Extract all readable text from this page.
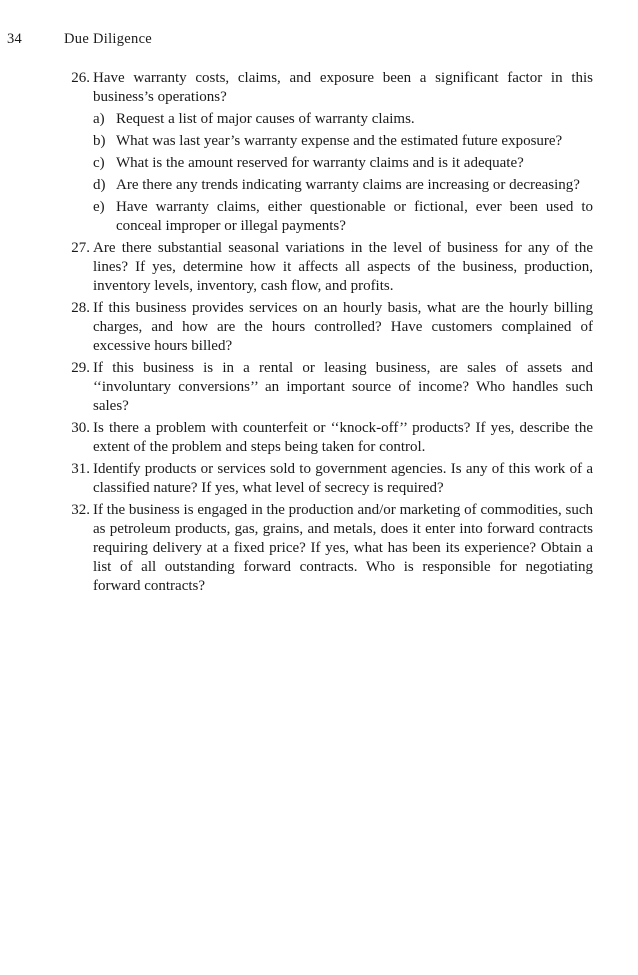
34	Due Diligence
26. Have warranty costs, claims, and exposure been a significant factor in this business’s operations?
a) Request a list of major causes of warranty claims.
b) What was last year’s warranty expense and the estimated future exposure?
c) What is the amount reserved for warranty claims and is it adequate?
d) Are there any trends indicating warranty claims are increasing or decreasing?
e) Have warranty claims, either questionable or fictional, ever been used to conceal improper or illegal payments?
27. Are there substantial seasonal variations in the level of business for any of the lines? If yes, determine how it affects all aspects of the business, production, inventory levels, inventory, cash flow, and profits.
28. If this business provides services on an hourly basis, what are the hourly billing charges, and how are the hours controlled? Have customers complained of excessive hours billed?
29. If this business is in a rental or leasing business, are sales of assets and ‘‘involuntary conversions’’ an important source of income? Who handles such sales?
30. Is there a problem with counterfeit or ‘‘knock-off’’ products? If yes, describe the extent of the problem and steps being taken for control.
31. Identify products or services sold to government agencies. Is any of this work of a classified nature? If yes, what level of secrecy is required?
32. If the business is engaged in the production and/or marketing of commodities, such as petroleum products, gas, grains, and metals, does it enter into forward contracts requiring delivery at a fixed price? If yes, what has been its experience? Obtain a list of all outstanding forward contracts. Who is responsible for negotiating forward contracts?
